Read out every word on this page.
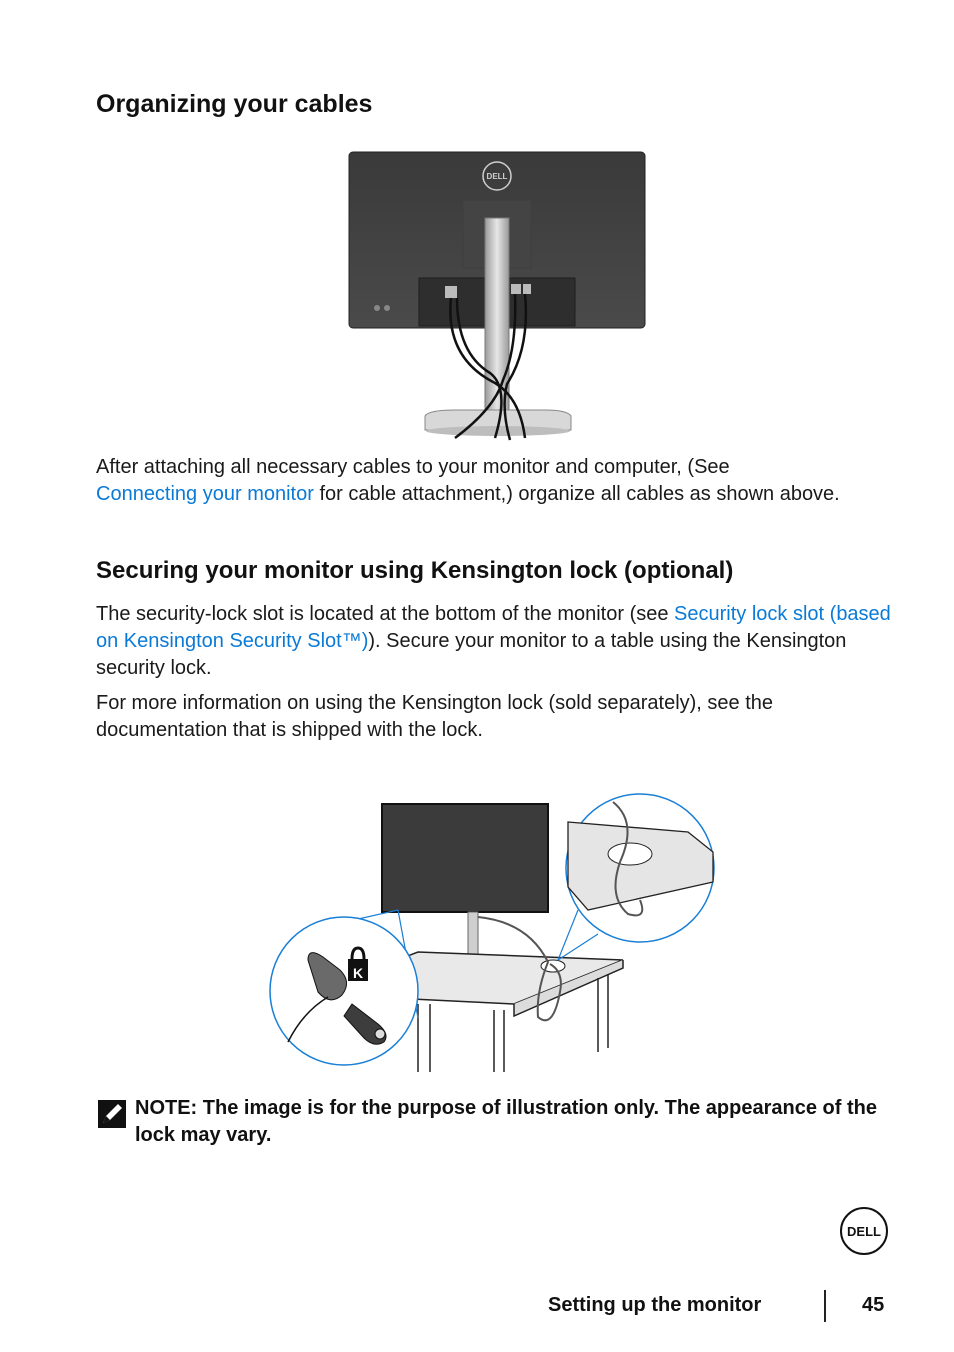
Organizing your cables
DELL

After attaching all necessary cables to your monitor and computer, (See
Connecting your monitor for cable attachment,) organize all cables as shown above.

Securing your monitor using Kensington lock (optional)

The security-lock slot is located at the bottom of the monitor (see Security lock slot (based on Kensington Security Slot™)). Secure your monitor to a table using the Kensington security lock.

For more information on using the Kensington lock (sold separately), see the documentation that is shipped with the lock.

K
NOTE: The image is for the purpose of illustration only. The appearance of the lock may vary.
DELL
Setting up the monitor	45
